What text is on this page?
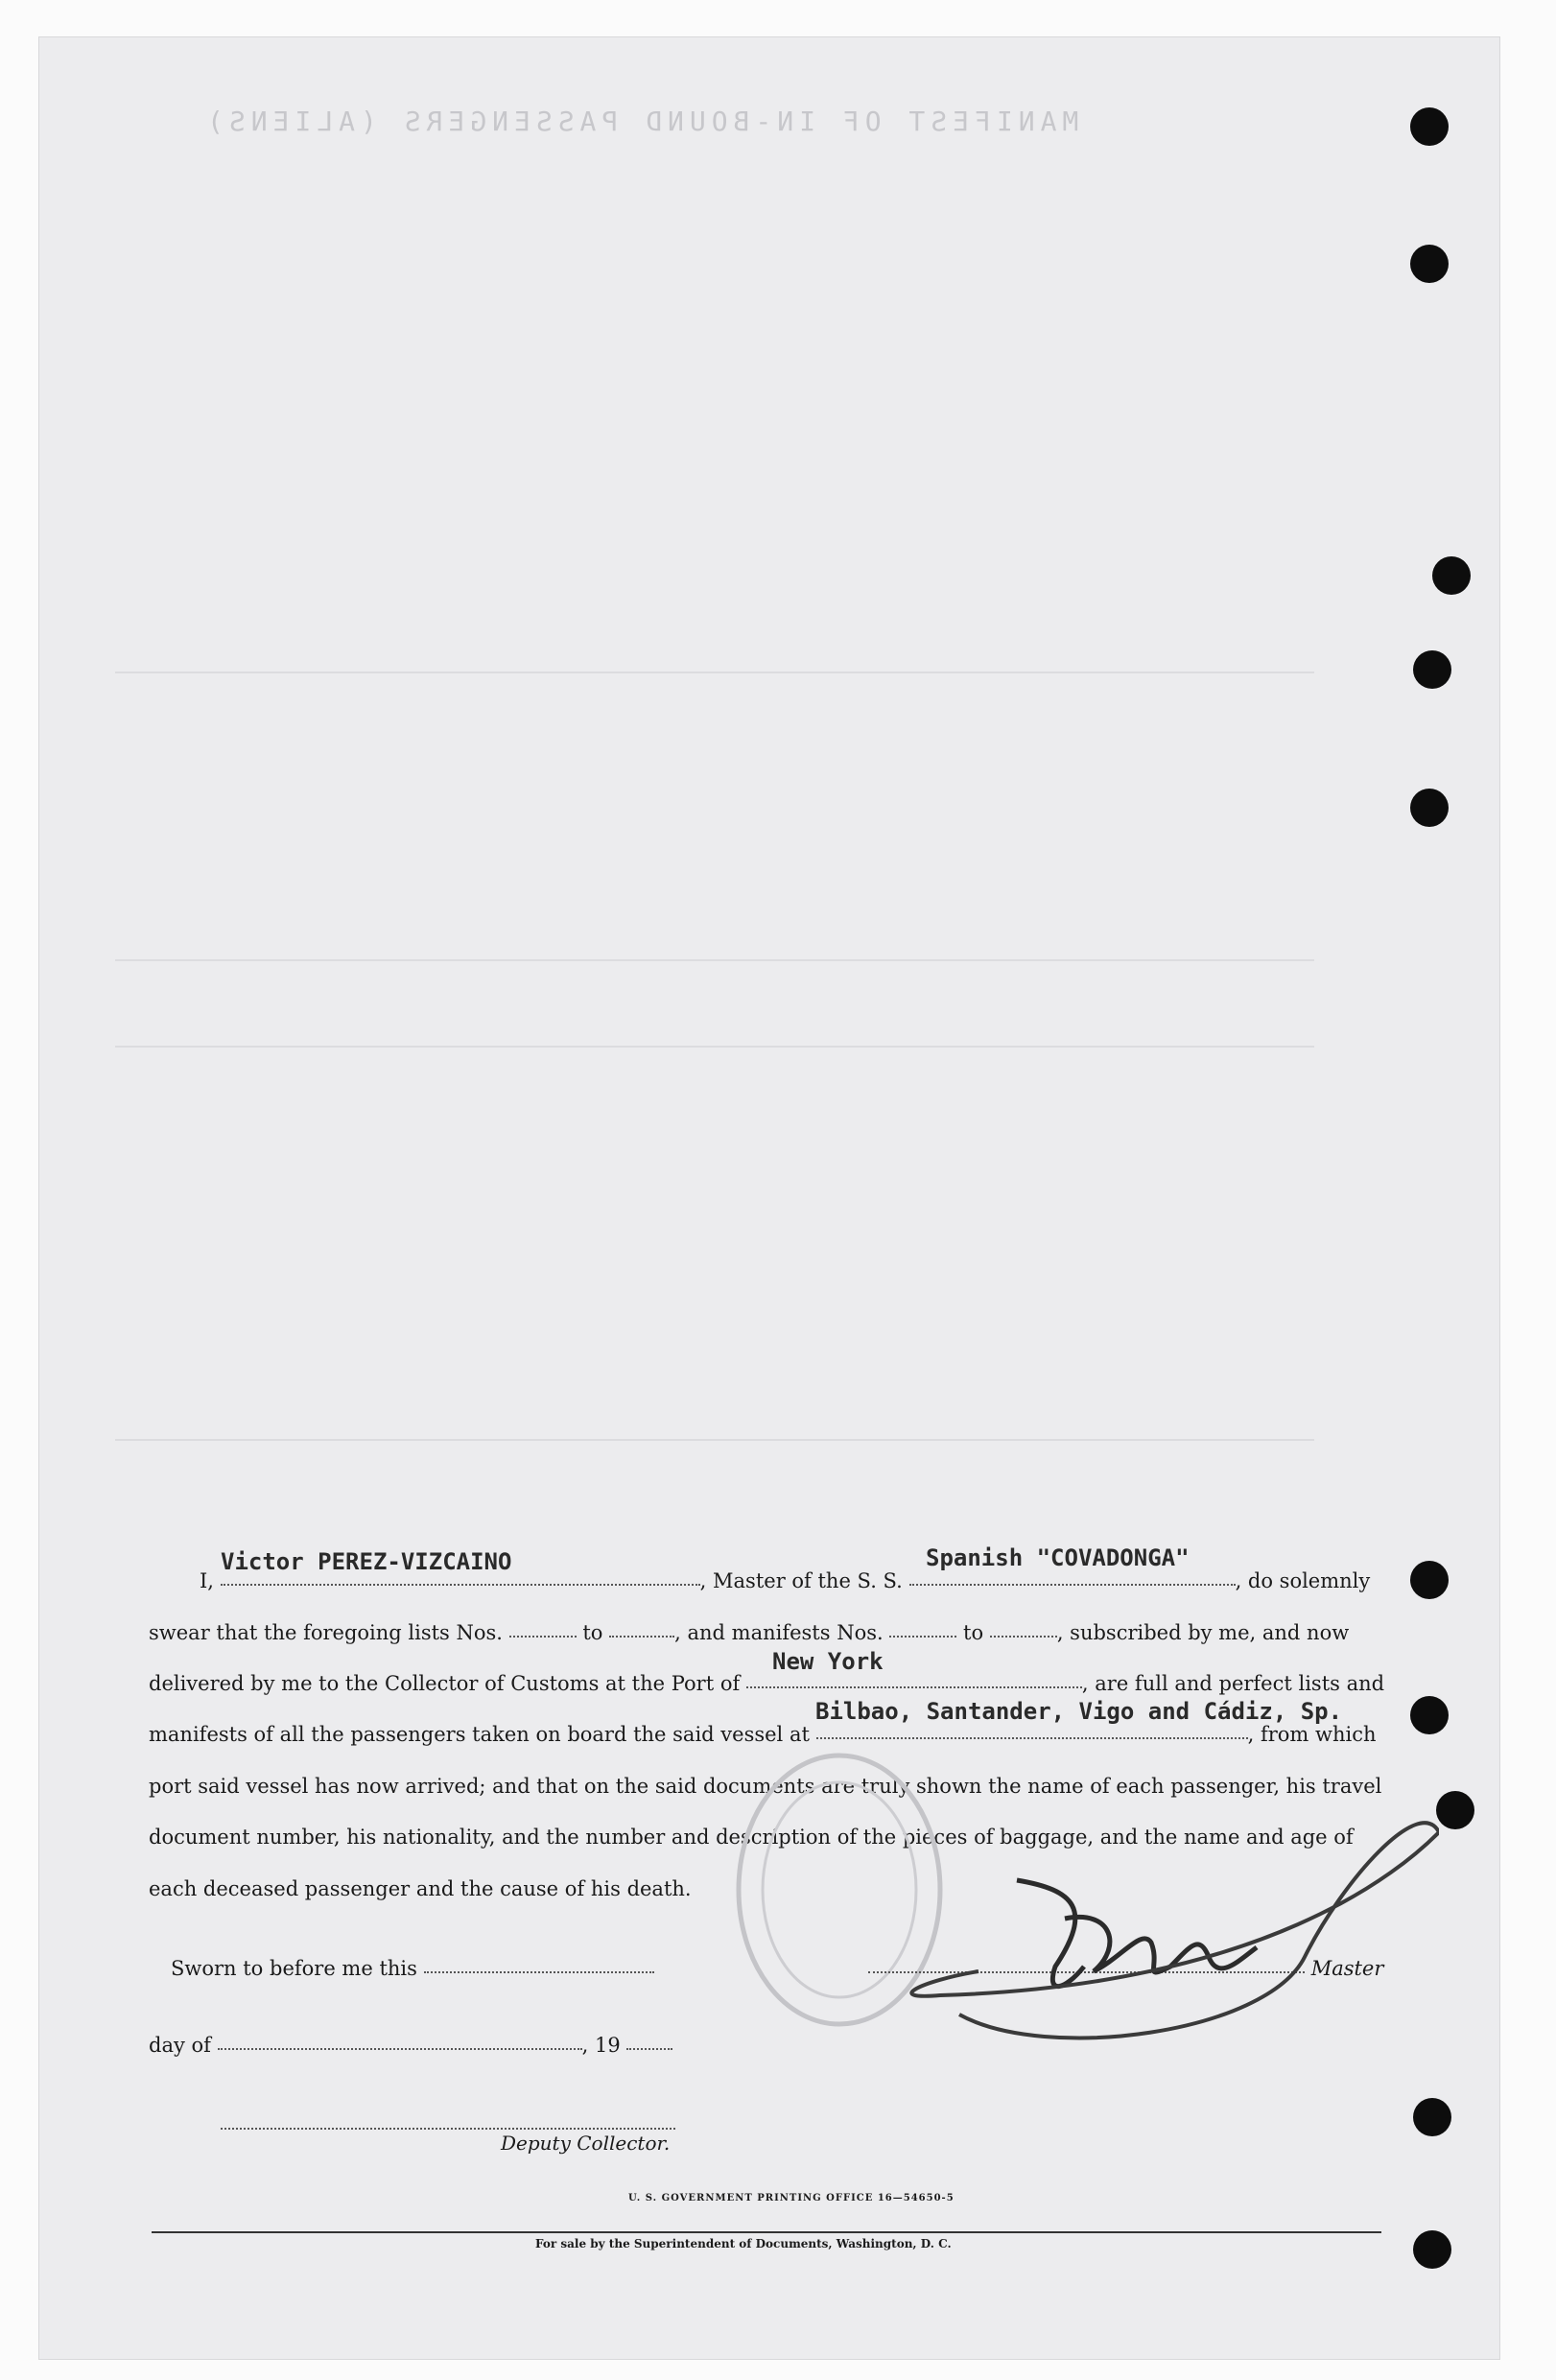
MANIFEST OF IN-BOUND PASSENGERS (ALIENS)
Victor PEREZ-VIZCAINO	Spanish "COVADONGA"
New York
Bilbao, Santander, Vigo and Cádiz, Sp.
I,	, Master of the S. S.	, do solemnly
swear that the foregoing lists Nos.	to	, and manifests Nos.	to	, subscribed by me, and now
delivered by me to the Collector of Customs at the Port of	, are full and perfect lists and
manifests of all the passengers taken on board the said vessel at	, from which
port said vessel has now arrived; and that on the said documents are truly shown the name of each passenger, his travel
document number, his nationality, and the number and description of the pieces of baggage, and the name and age of
each deceased passenger and the cause of his death.
Sworn to before me this	Master
day of	, 19
Deputy Collector.
U. S. GOVERNMENT PRINTING OFFICE 16—54650-5
For sale by the Superintendent of Documents, Washington, D. C.
